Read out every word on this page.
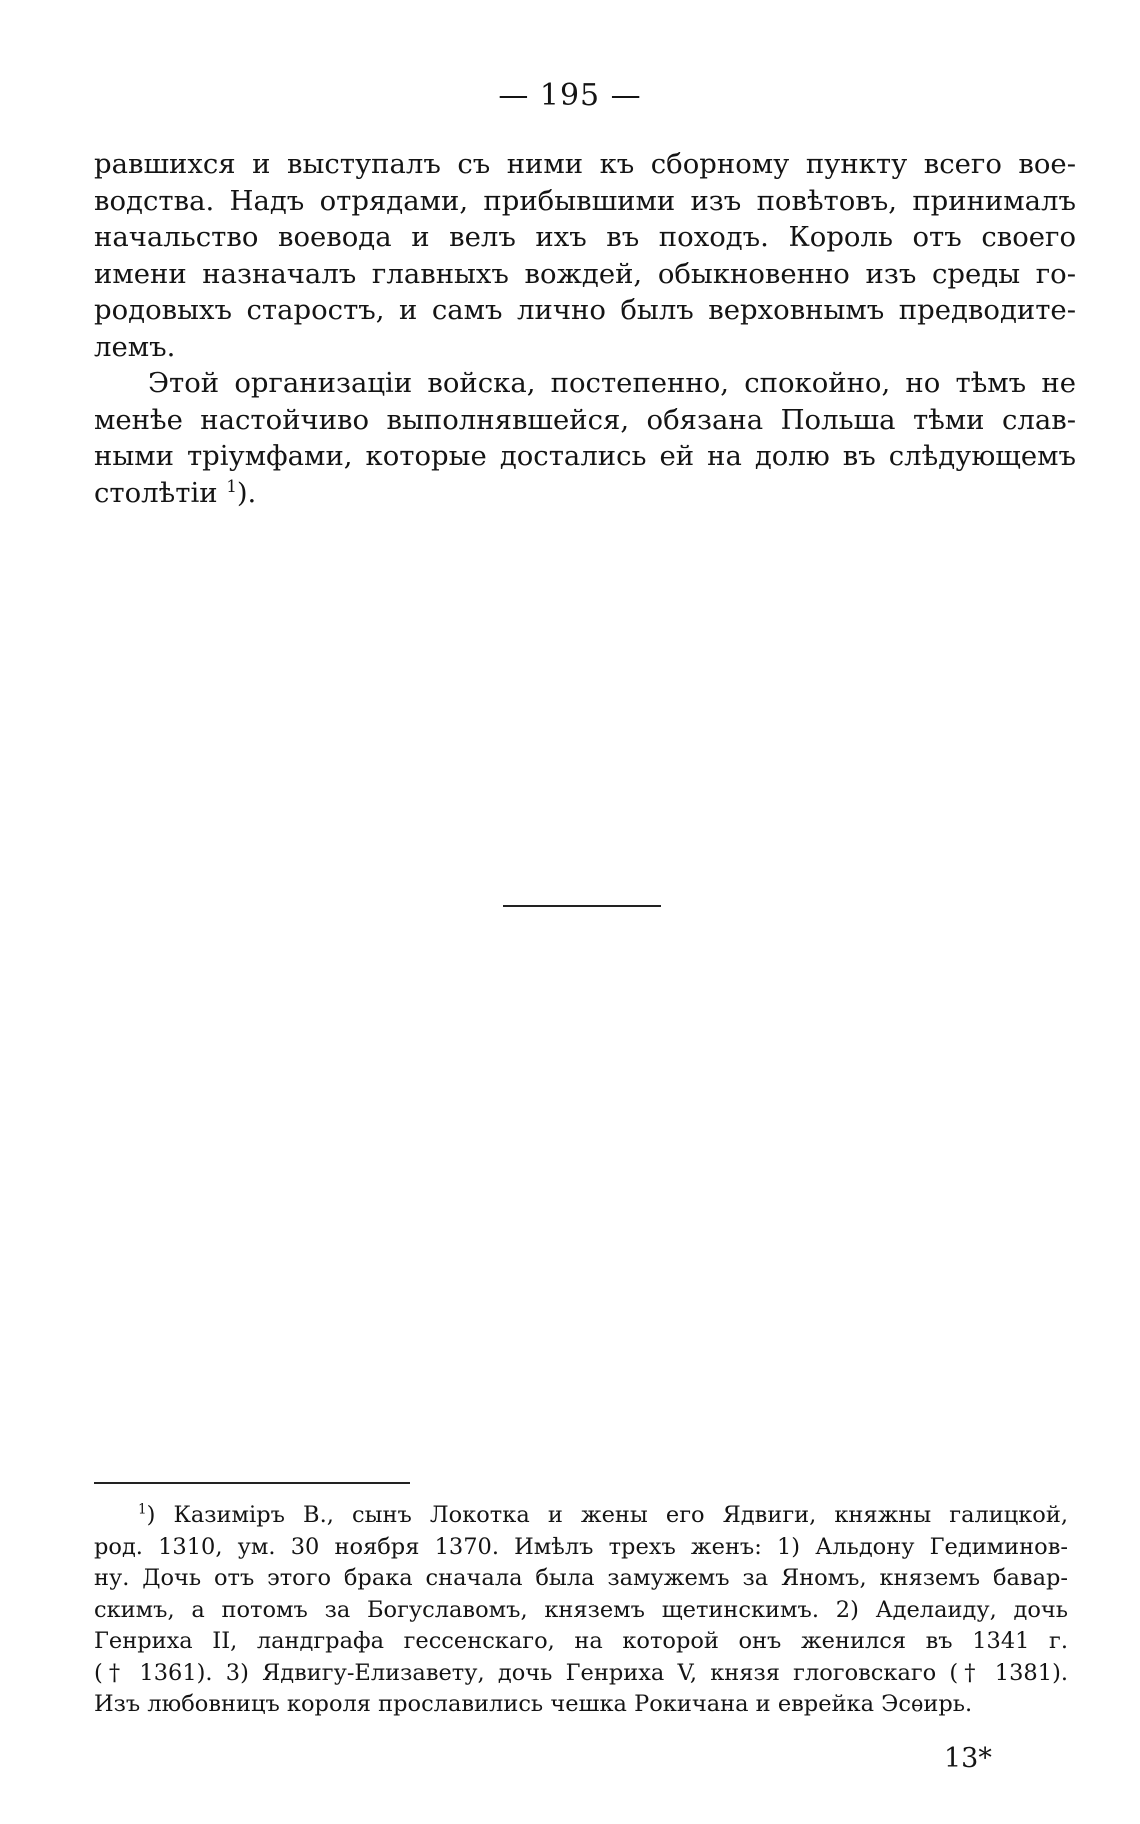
— 195 —
равшихся и выступалъ съ ними къ сборному пункту всего вое-
водства. Надъ отрядами, прибывшими изъ повѣтовъ, принималъ
начальство воевода и велъ ихъ въ походъ. Король отъ своего
имени назначалъ главныхъ вождей, обыкновенно изъ среды го-
родовыхъ старостъ, и самъ лично былъ верховнымъ предводите-
лемъ.
Этой организаціи войска, постепенно, спокойно, но тѣмъ не
менѣе настойчиво выполнявшейся, обязана Польша тѣми слав-
ными тріумфами, которые достались ей на долю въ слѣдующемъ
столѣтіи $^1$).
$^1$) Казиміръ В., сынъ Локотка и жены его Ядвиги, княжны галицкой,
род. 1310, ум. 30 ноября 1370. Имѣлъ трехъ женъ: 1) Альдону Гедиминов-
ну. Дочь отъ этого брака сначала была замужемъ за Яномъ, княземъ бавар-
скимъ, а потомъ за Богуславомъ, княземъ щетинскимъ. 2) Аделаиду, дочь
Генриха II, ландграфа гессенскаго, на которой онъ женился въ 1341 г.
(† 1361). 3) Ядвигу-Елизавету, дочь Генриха V, князя глоговскаго († 1381).
Изъ любовницъ короля прославились чешка Рокичана и еврейка Эсѳирь.
13*
